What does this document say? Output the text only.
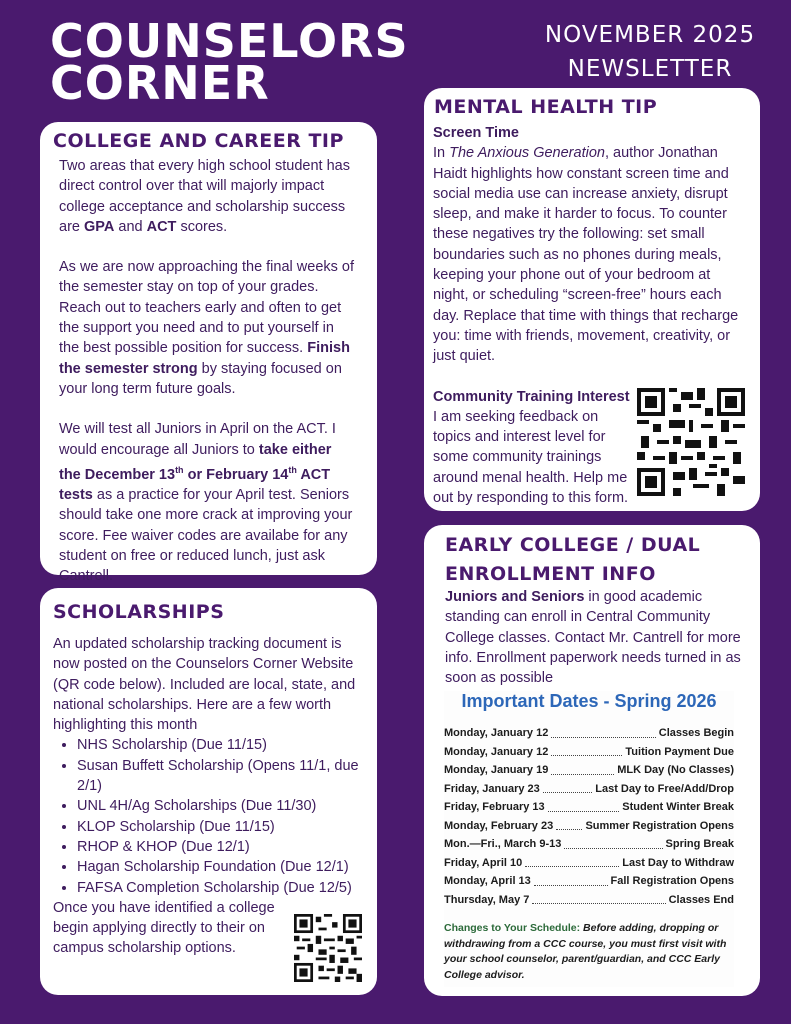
COUNSELORS
CORNER
NOVEMBER 2025
NEWSLETTER
COLLEGE AND CAREER TIP

Two areas that every high school student has direct control over that will majorly impact college acceptance and scholarship success are GPA and ACT scores.

As we are now approaching the final weeks of the semester stay on top of your grades. Reach out to teachers early and often to get the support you need and to put yourself in the best possible position for success. Finish the semester strong by staying focused on your long term future goals.

We will test all Juniors in April on the ACT. I would encourage all Juniors to take either the December 13th or February 14th ACT tests as a practice for your April test. Seniors should take one more crack at improving your score. Fee waiver codes are availabe for any student on free or reduced lunch, just ask Cantrell.

MENTAL HEALTH TIP

Screen Time

In The Anxious Generation, author Jonathan Haidt highlights how constant screen time and social media use can increase anxiety, disrupt sleep, and make it harder to focus. To counter these negatives try the following: set small boundaries such as no phones during meals, keeping your phone out of your bedroom at night, or scheduling “screen-free” hours each day. Replace that time with things that recharge you: time with friends, movement, creativity, or just quiet.

Community Training Interest

I am seeking feedback on topics and interest level for some community trainings around menal health. Help me out by responding to this form.

SCHOLARSHIPS

An updated scholarship tracking document is now posted on the Counselors Corner Website (QR code below). Included are local, state, and national scholarships. Here are a few worth highlighting this month

• NHS Scholarship (Due 11/15)
• Susan Buffett Scholarship (Opens 11/1, due 2/1)
• UNL 4H/Ag Scholarships (Due 11/30)
• KLOP Scholarship (Due 11/15)
• RHOP & KHOP (Due 12/1)
• Hagan Scholarship Foundation (Due 12/1)
• FAFSA Completion Scholarship (Due 12/5)

Once you have identified a college begin applying directly to their on campus scholarship options.

EARLY COLLEGE / DUAL
ENROLLMENT INFO

Juniors and Seniors in good academic standing can enroll in Central Community College classes. Contact Mr. Cantrell for more info. Enrollment paperwork needs turned in as soon as possible

Important Dates - Spring 2026
Monday, January 12	Classes Begin
Monday, January 12	Tuition Payment Due
Monday, January 19	MLK Day (No Classes)
Friday, January 23	Last Day to Free/Add/Drop
Friday, February 13	Student Winter Break
Monday, February 23	Summer Registration Opens
Mon.—Fri., March 9-13	Spring Break
Friday, April 10	Last Day to Withdraw
Monday, April 13	Fall Registration Opens
Thursday, May 7	Classes End
Changes to Your Schedule: Before adding, dropping or withdrawing from a CCC course, you must first visit with your school counselor, parent/guardian, and CCC Early College advisor.
